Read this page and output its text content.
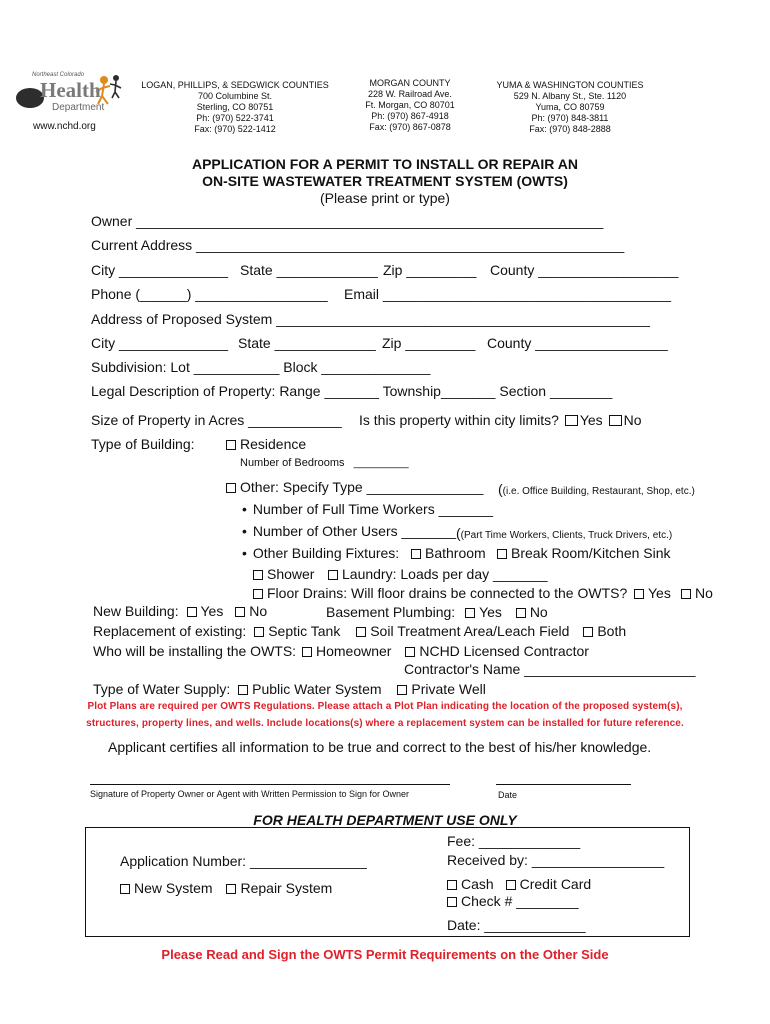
Northeast Colorado
Health
Department
www.nchd.org
LOGAN, PHILLIPS, & SEDGWICK COUNTIES
700 Columbine St.
Sterling, CO 80751
Ph: (970) 522-3741
Fax: (970) 522-1412
MORGAN COUNTY
228 W. Railroad Ave.
Ft. Morgan, CO 80701
Ph: (970) 867-4918
Fax: (970) 867-0878
YUMA & WASHINGTON COUNTIES
529 N. Albany St., Ste. 1120
Yuma, CO 80759
Ph: (970) 848-3811
Fax: (970) 848-2888
APPLICATION FOR A PERMIT TO INSTALL OR REPAIR AN
ON-SITE WASTEWATER TREATMENT SYSTEM (OWTS)
(Please print or type)
Owner ____________________________________________________________
Current Address _______________________________________________________
City ______________ State _____________ Zip _________ County __________________
Phone (______) _________________ Email _____________________________________
Address of Proposed System ________________________________________________
City ______________ State _____________ Zip _________ County _________________
Subdivision: Lot ___________ Block ______________
Legal Description of Property: Range _______ Township_______ Section ________
Size of Property in Acres ____________ Is this property within city limits? Yes No
Type of Building:	Residence
Number of Bedrooms _________
Other: Specify Type _______________ ((i.e. Office Building, Restaurant, Shop, etc.)
• Number of Full Time Workers _______
• Number of Other Users _______ ((Part Time Workers, Clients, Truck Drivers, etc.)
• Other Building Fixtures:	Bathroom	Break Room/Kitchen Sink
Shower	Laundry: Loads per day _______
Floor Drains: Will floor drains be connected to the OWTS?	Yes	No
New Building: Yes No	Basement Plumbing: Yes No
Replacement of existing: Septic Tank Soil Treatment Area/Leach Field Both
Who will be installing the OWTS: Homeowner NCHD Licensed Contractor
Contractor's Name ______________________
Type of Water Supply: Public Water System Private Well
Plot Plans are required per OWTS Regulations. Please attach a Plot Plan indicating the location of the proposed system(s),
structures, property lines, and wells. Include locations(s) where a replacement system can be installed for future reference.
Applicant certifies all information to be true and correct to the best of his/her knowledge.
Signature of Property Owner or Agent with Written Permission to Sign for Owner	Date
FOR HEALTH DEPARTMENT USE ONLY
Application Number: _______________
New System Repair System
Fee: _____________
Received by: _________________
Cash Credit Card
Check # ________
Date: _____________
Please Read and Sign the OWTS Permit Requirements on the Other Side
